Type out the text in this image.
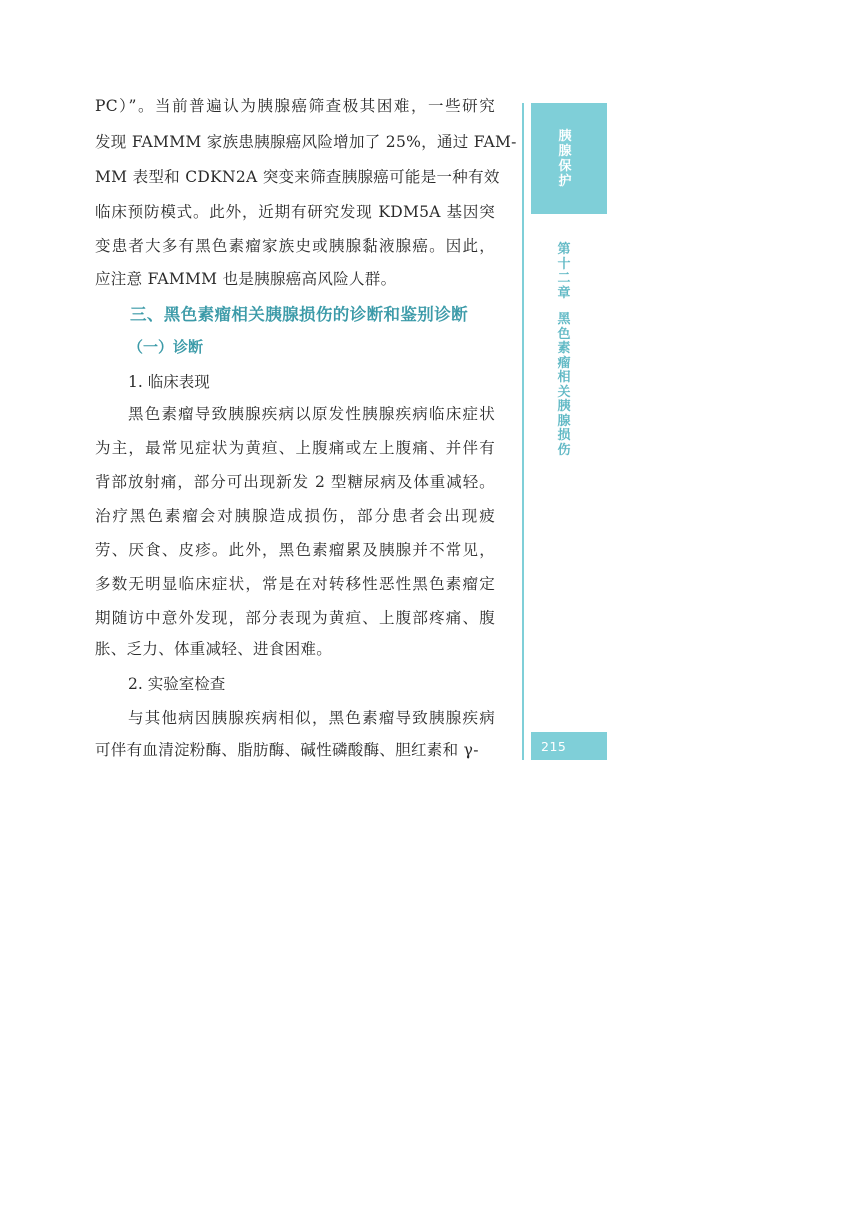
PC）”。当前普遍认为胰腺癌筛查极其困难，一些研究
发现 FAMMM 家族患胰腺癌风险增加了 25%，通过 FAM-
MM 表型和 CDKN2A 突变来筛查胰腺癌可能是一种有效
临床预防模式。此外，近期有研究发现 KDM5A 基因突
变患者大多有黑色素瘤家族史或胰腺黏液腺癌。因此，
应注意 FAMMM 也是胰腺癌高风险人群。
三、黑色素瘤相关胰腺损伤的诊断和鉴别诊断
（一）诊断
1. 临床表现
黑色素瘤导致胰腺疾病以原发性胰腺疾病临床症状
为主，最常见症状为黄疸、上腹痛或左上腹痛、并伴有
背部放射痛，部分可出现新发 2 型糖尿病及体重减轻。
治疗黑色素瘤会对胰腺造成损伤，部分患者会出现疲
劳、厌食、皮疹。此外，黑色素瘤累及胰腺并不常见，
多数无明显临床症状，常是在对转移性恶性黑色素瘤定
期随访中意外发现，部分表现为黄疸、上腹部疼痛、腹
胀、乏力、体重减轻、进食困难。
2. 实验室检查
与其他病因胰腺疾病相似，黑色素瘤导致胰腺疾病
可伴有血清淀粉酶、脂肪酶、碱性磷酸酶、胆红素和 γ-
胰
腺
保
护
第
十
二
章
黑
色
素
瘤
相
关
胰
腺
损
伤
215
